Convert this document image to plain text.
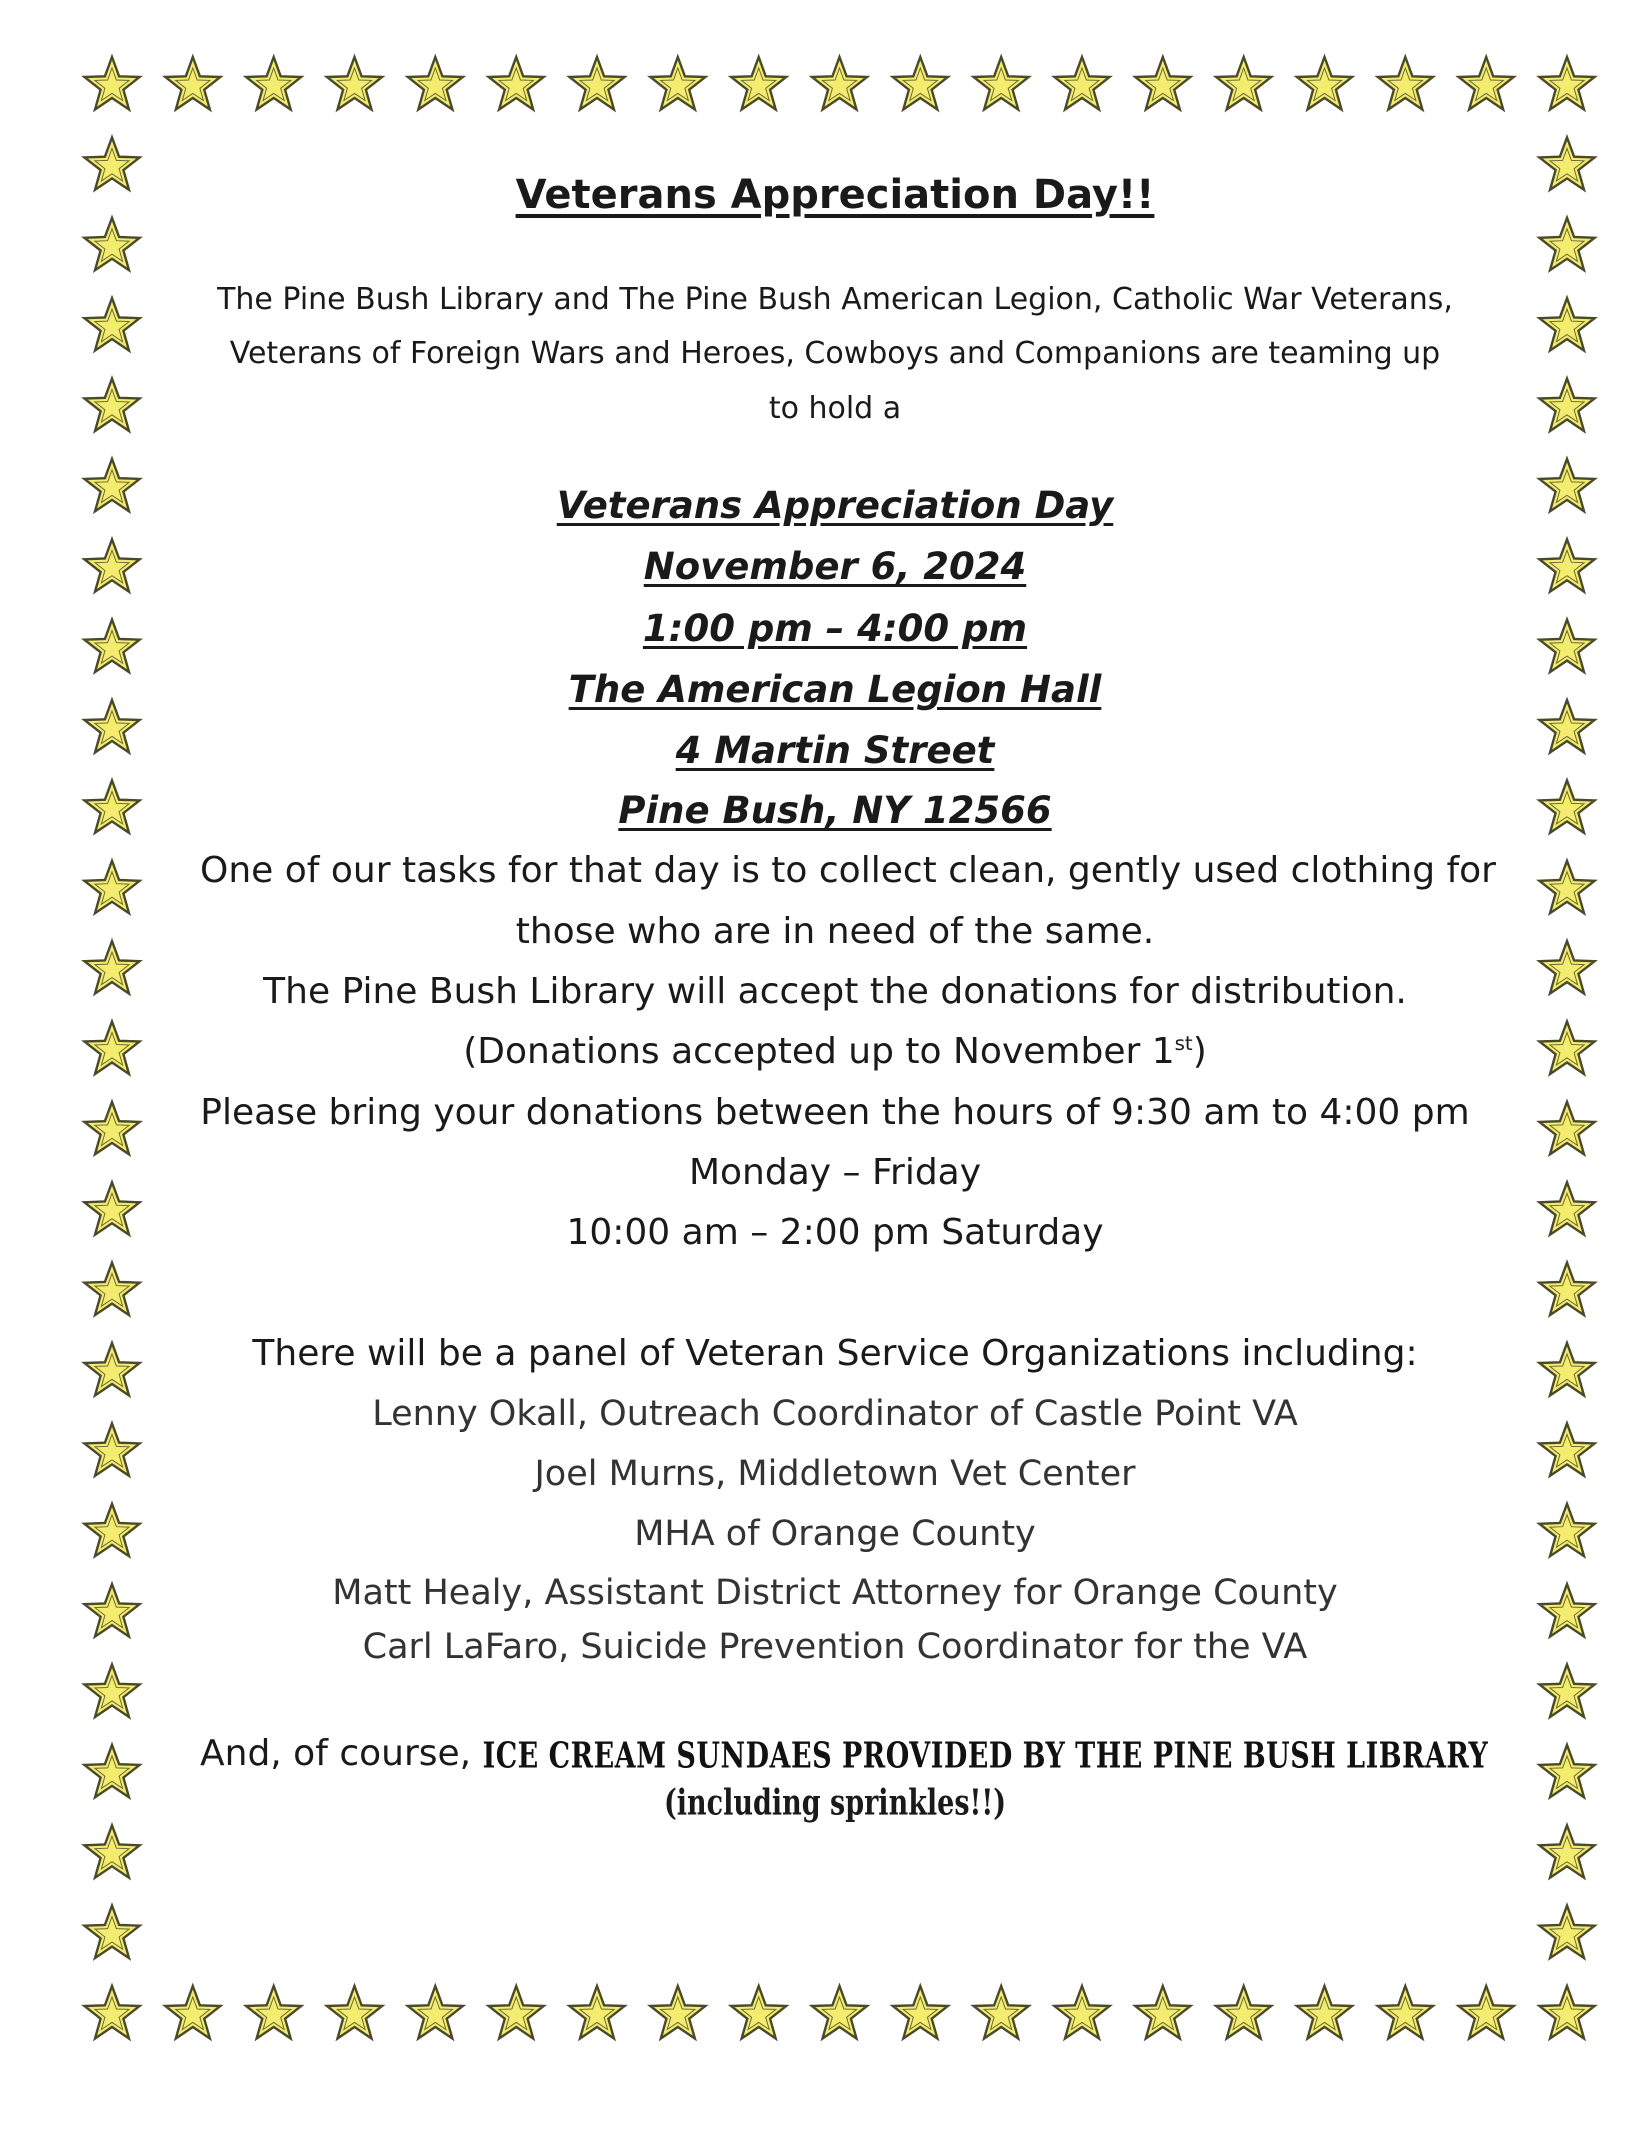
Veterans Appreciation Day!!
The Pine Bush Library and The Pine Bush American Legion, Catholic War Veterans,
Veterans of Foreign Wars and Heroes, Cowboys and Companions are teaming up
to hold a
Veterans Appreciation Day
November 6, 2024
1:00 pm – 4:00 pm
The American Legion Hall
4 Martin Street
Pine Bush, NY 12566
One of our tasks for that day is to collect clean, gently used clothing for
those who are in need of the same.
The Pine Bush Library will accept the donations for distribution.
(Donations accepted up to November 1st)
Please bring your donations between the hours of 9:30 am to 4:00 pm
Monday – Friday
10:00 am – 2:00 pm Saturday
There will be a panel of Veteran Service Organizations including:
Lenny Okall, Outreach Coordinator of Castle Point VA
Joel Murns, Middletown Vet Center
MHA of Orange County
Matt Healy, Assistant District Attorney for Orange County
Carl LaFaro, Suicide Prevention Coordinator for the VA
And, of course, ICE CREAM SUNDAES PROVIDED BY THE PINE BUSH LIBRARY
(including sprinkles!!)
